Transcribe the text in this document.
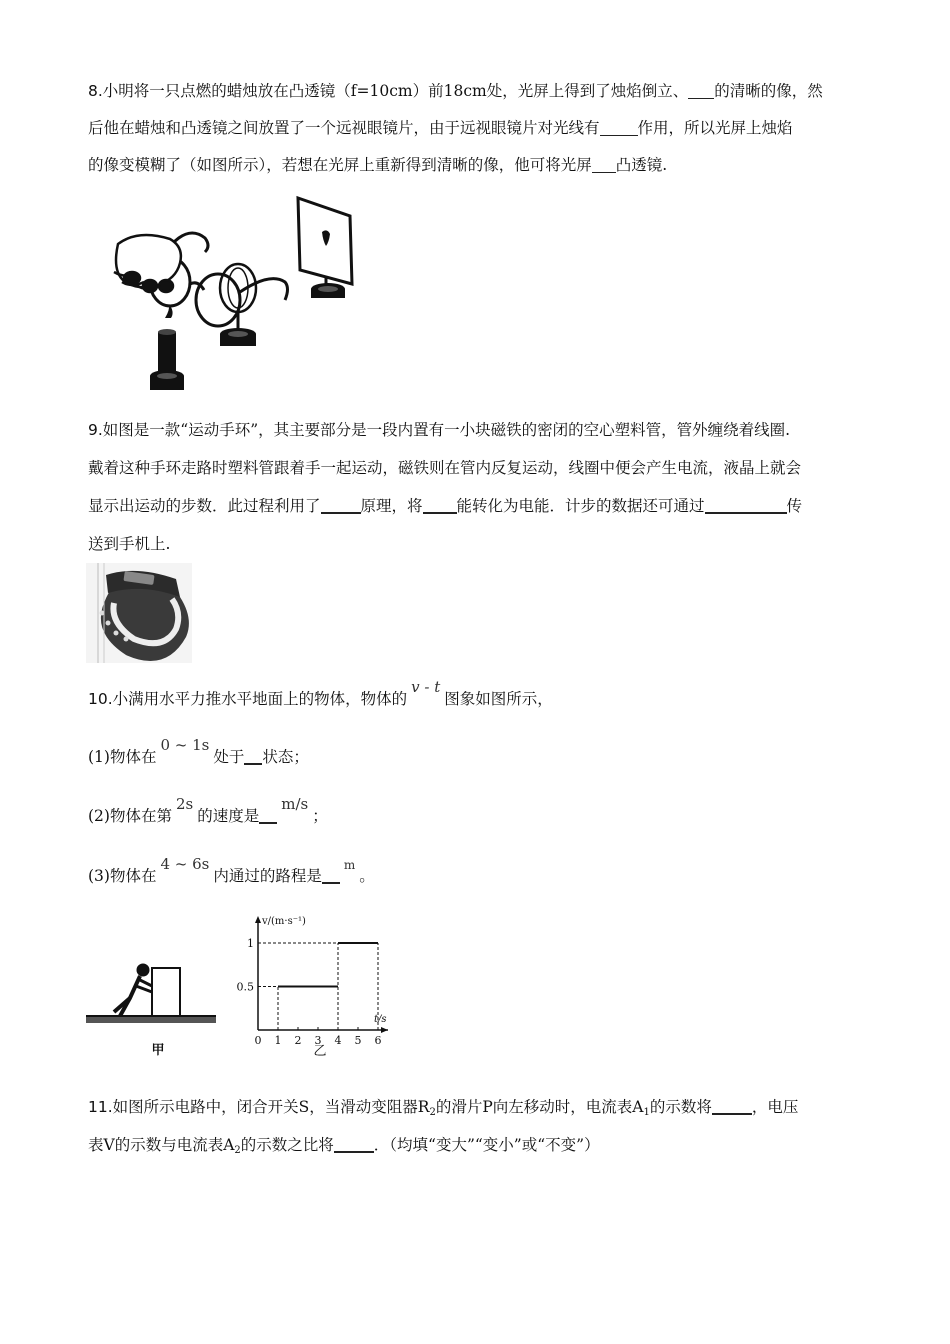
8.小明将一只点燃的蜡烛放在凸透镜（f=10cm）前18cm处，光屏上得到了烛焰倒立、 的清晰的像，然
后他在蜡烛和凸透镜之间放置了一个远视眼镜片，由于远视眼镜片对光线有 作用，所以光屏上烛焰
的像变模糊了（如图所示），若想在光屏上重新得到清晰的像，他可将光屏 凸透镜.
9.如图是一款“运动手环”，其主要部分是一段内置有一小块磁铁的密闭的空心塑料管，管外缠绕着线圈.
戴着这种手环走路时塑料管跟着手一起运动，磁铁则在管内反复运动，线圈中便会产生电流，液晶上就会
显示出运动的步数．此过程利用了	原理，将 能转化为电能．计步的数据还可通过	传
送到手机上.
10.小满用水平力推水平地面上的物体，物体的v - t图象如图所示，
(1)物体在0 ~ 1s处于 状态；
(2)物体在第2s的速度是m/s；
(3)物体在4 ~ 6s内通过的路程是$^m$。
甲
v/(m·s⁻¹)
t/s
0 1 2 3 4 5 6
0.5
1
乙
11.如图所示电路中，闭合开关S，当滑动变阻器$R_2$的滑片P向左移动时，电流表$A_1$的示数将	，电压
表V的示数与电流表$A_2$的示数之比将	．（均填“变大”“变小”或“不变”）
